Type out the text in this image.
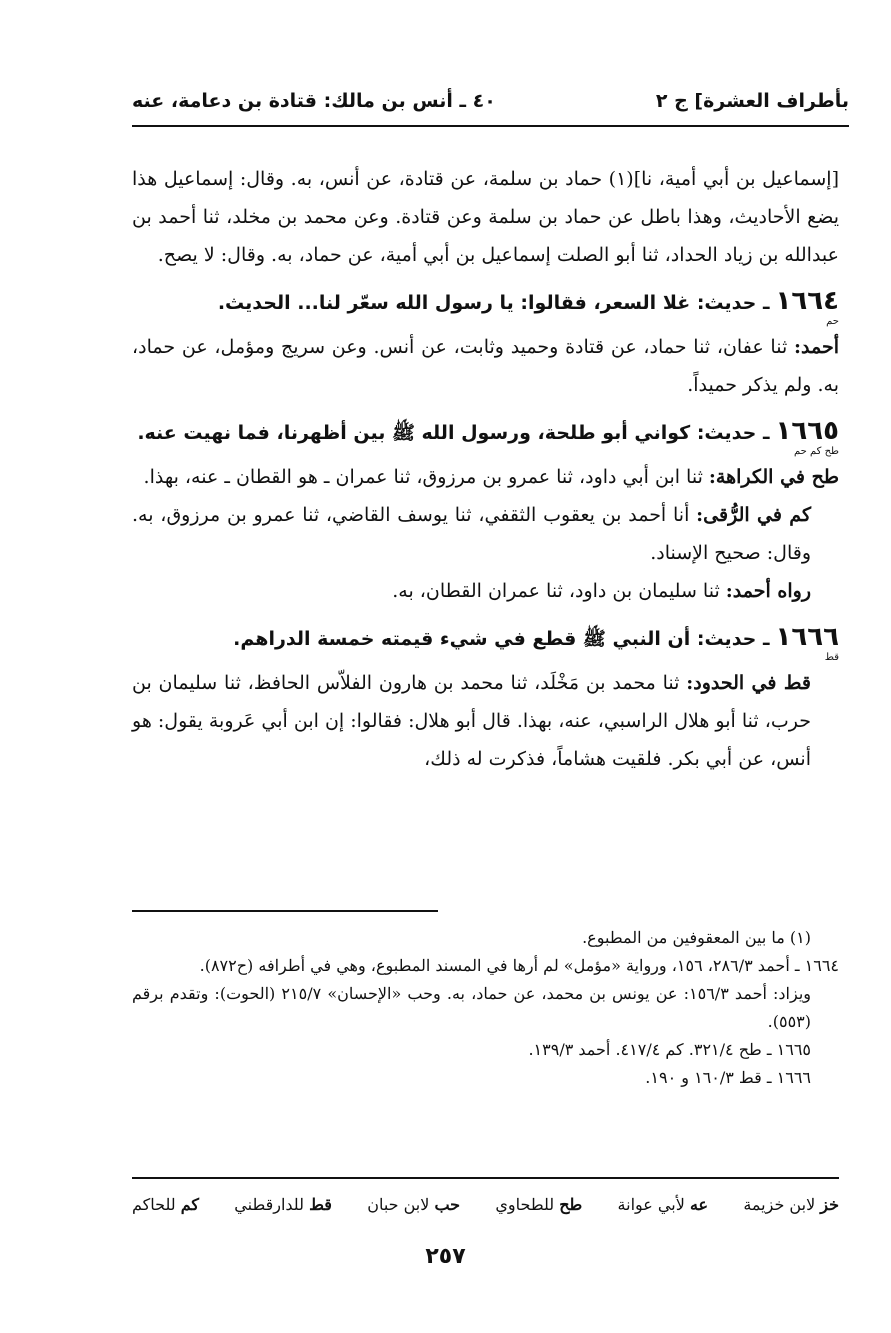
بأطراف العشرة] ج ٢
٤٠ ـ أنس بن مالك: قتادة بن دعامة، عنه

[إسماعيل بن أبي أمية، نا](١) حماد بن سلمة، عن قتادة، عن أنس، به. وقال: إسماعيل هذا يضع الأحاديث، وهذا باطل عن حماد بن سلمة وعن قتادة. وعن محمد بن مخلد، ثنا أحمد بن عبدالله بن زياد الحداد، ثنا أبو الصلت إسماعيل بن أبي أمية، عن حماد، به. وقال: لا يصح.

١٦٦٤ ـ حديث: غلا السعر، فقالوا: يا رسول الله سعّر لنا... الحديث.

حم

أحمد: ثنا عفان، ثنا حماد، عن قتادة وحميد وثابت، عن أنس. وعن سريج ومؤمل، عن حماد، به. ولم يذكر حميداً.

١٦٦٥ ـ حديث: كواني أبو طلحة، ورسول الله ﷺ بين أظهرنا، فما نهيت عنه.

طح كم حم

طح في الكراهة: ثنا ابن أبي داود، ثنا عمرو بن مرزوق، ثنا عمران ـ هو القطان ـ عنه، بهذا.

كم في الرُّقى: أنا أحمد بن يعقوب الثقفي، ثنا يوسف القاضي، ثنا عمرو بن مرزوق، به. وقال: صحيح الإسناد.

رواه أحمد: ثنا سليمان بن داود، ثنا عمران القطان، به.

١٦٦٦ ـ حديث: أن النبي ﷺ قطع في شيء قيمته خمسة الدراهم.

قط

قط في الحدود: ثنا محمد بن مَخْلَد، ثنا محمد بن هارون الفلاّس الحافظ، ثنا سليمان بن حرب، ثنا أبو هلال الراسبي، عنه، بهذا. قال أبو هلال: فقالوا: إن ابن أبي عَروبة يقول: هو أنس، عن أبي بكر. فلقيت هشاماً، فذكرت له ذلك،

(١) ما بين المعقوفين من المطبوع.

١٦٦٤ ـ أحمد ٢٨٦/٣، ١٥٦، ورواية «مؤمل» لم أرها في المسند المطبوع، وهي في أطرافه (ح٨٧٢).

ويزاد: أحمد ١٥٦/٣: عن يونس بن محمد، عن حماد، به. وحب «الإحسان» ٢١٥/٧ (الحوت): وتقدم برقم (٥٥٣).

١٦٦٥ ـ طح ٣٢١/٤. كم ٤١٧/٤. أحمد ١٣٩/٣.

١٦٦٦ ـ قط ١٦٠/٣ و ١٩٠.

خز لابن خزيمة
عه لأبي عوانة
طح للطحاوي
حب لابن حبان
قط للدارقطني
كم للحاكم
٢٥٧
